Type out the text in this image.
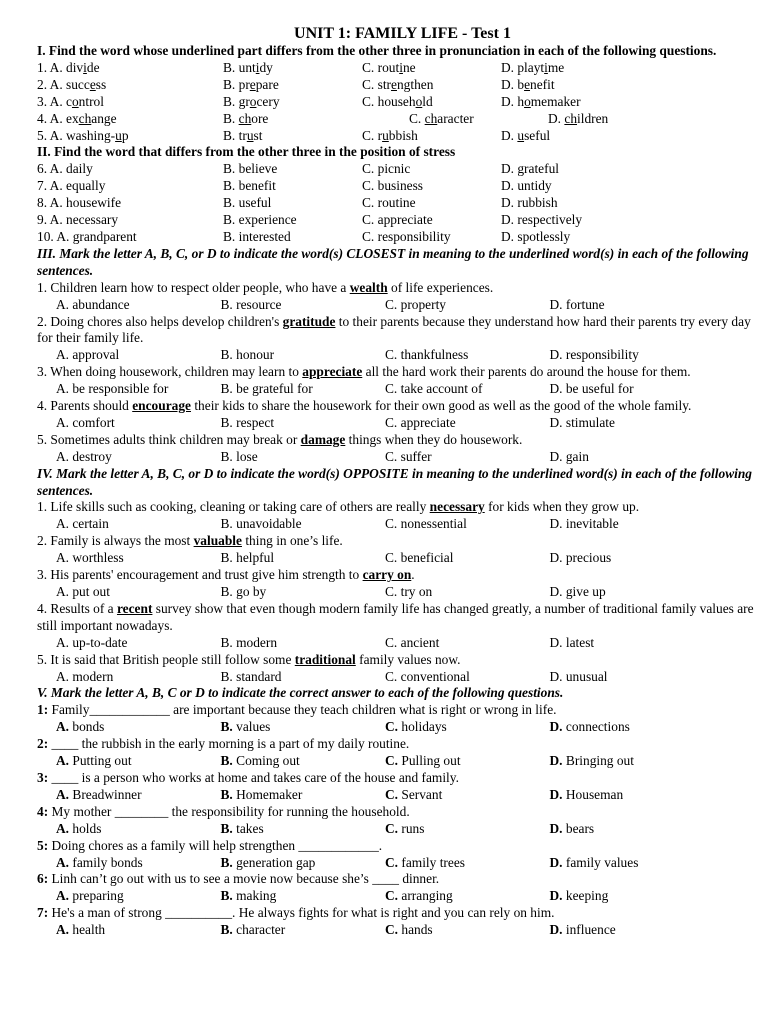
UNIT 1: FAMILY LIFE - Test 1
I. Find the word whose underlined part differs from the other three in pronunciation in each of the following questions.
1. A. divide	B. untidy	C. routine	D. playtime
2. A. success	B. prepare	C. strengthen	D. benefit
3. A. control	B. grocery	C. household	D. homemaker
4. A. exchange	B. chore	C. character	D. children
5. A. washing-up	B. trust	C. rubbish	D. useful
II. Find the word that differs from the other three in the position of stress
6. A. daily	B. believe	C. picnic	D. grateful
7. A. equally	B. benefit	C. business	D. untidy
8. A. housewife	B. useful	C. routine	D. rubbish
9. A. necessary	B. experience	C. appreciate	D. respectively
10. A. grandparent	B. interested	C. responsibility	D. spotlessly
III. Mark the letter A, B, C, or D to indicate the word(s) CLOSEST in meaning to the underlined word(s) in each of the following sentences.
1. Children learn how to respect older people, who have a wealth of life experiences.
A. abundance	B. resource	C. property	D. fortune
2. Doing chores also helps develop children's gratitude to their parents because they understand how hard their parents try every day for their family life.
A. approval	B. honour	C. thankfulness	D. responsibility
3. When doing housework, children may learn to appreciate all the hard work their parents do around the house for them.
A. be responsible for	B. be grateful for	C. take account of	D. be useful for
4. Parents should encourage their kids to share the housework for their own good as well as the good of the whole family.
A. comfort	B. respect	C. appreciate	D. stimulate
5. Sometimes adults think children may break or damage things when they do housework.
A. destroy	B. lose	C. suffer	D. gain
IV. Mark the letter A, B, C, or D to indicate the word(s) OPPOSITE in meaning to the underlined word(s) in each of the following sentences.
1. Life skills such as cooking, cleaning or taking care of others are really necessary for kids when they grow up.
A. certain	B. unavoidable	C. nonessential	D. inevitable
2. Family is always the most valuable thing in one’s life.
A. worthless	B. helpful	C. beneficial	D. precious
3. His parents' encouragement and trust give him strength to carry on.
A. put out	B. go by	C. try on	D. give up
4. Results of a recent survey show that even though modern family life has changed greatly, a number of traditional family values are still important nowadays.
A. up-to-date	B. modern	C. ancient	D. latest
5. It is said that British people still follow some traditional family values now.
A. modern	B. standard	C. conventional	D. unusual
V. Mark the letter A, B, C or D to indicate the correct answer to each of the following questions.
1: Family____________ are important because they teach children what is right or wrong in life.
A. bonds	B. values	C. holidays	D. connections
2: ____ the rubbish in the early morning is a part of my daily routine.
A. Putting out	B. Coming out	C. Pulling out	D. Bringing out
3: ____ is a person who works at home and takes care of the house and family.
A. Breadwinner	B. Homemaker	C. Servant	D. Houseman
4: My mother ________ the responsibility for running the household.
A. holds	B. takes	C. runs	D. bears
5: Doing chores as a family will help strengthen ____________.
A. family bonds	B. generation gap	C. family trees	D. family values
6: Linh can’t go out with us to see a movie now because she’s ____ dinner.
A. preparing	B. making	C. arranging	D. keeping
7: He's a man of strong __________. He always fights for what is right and you can rely on him.
A. health	B. character	C. hands	D. influence
